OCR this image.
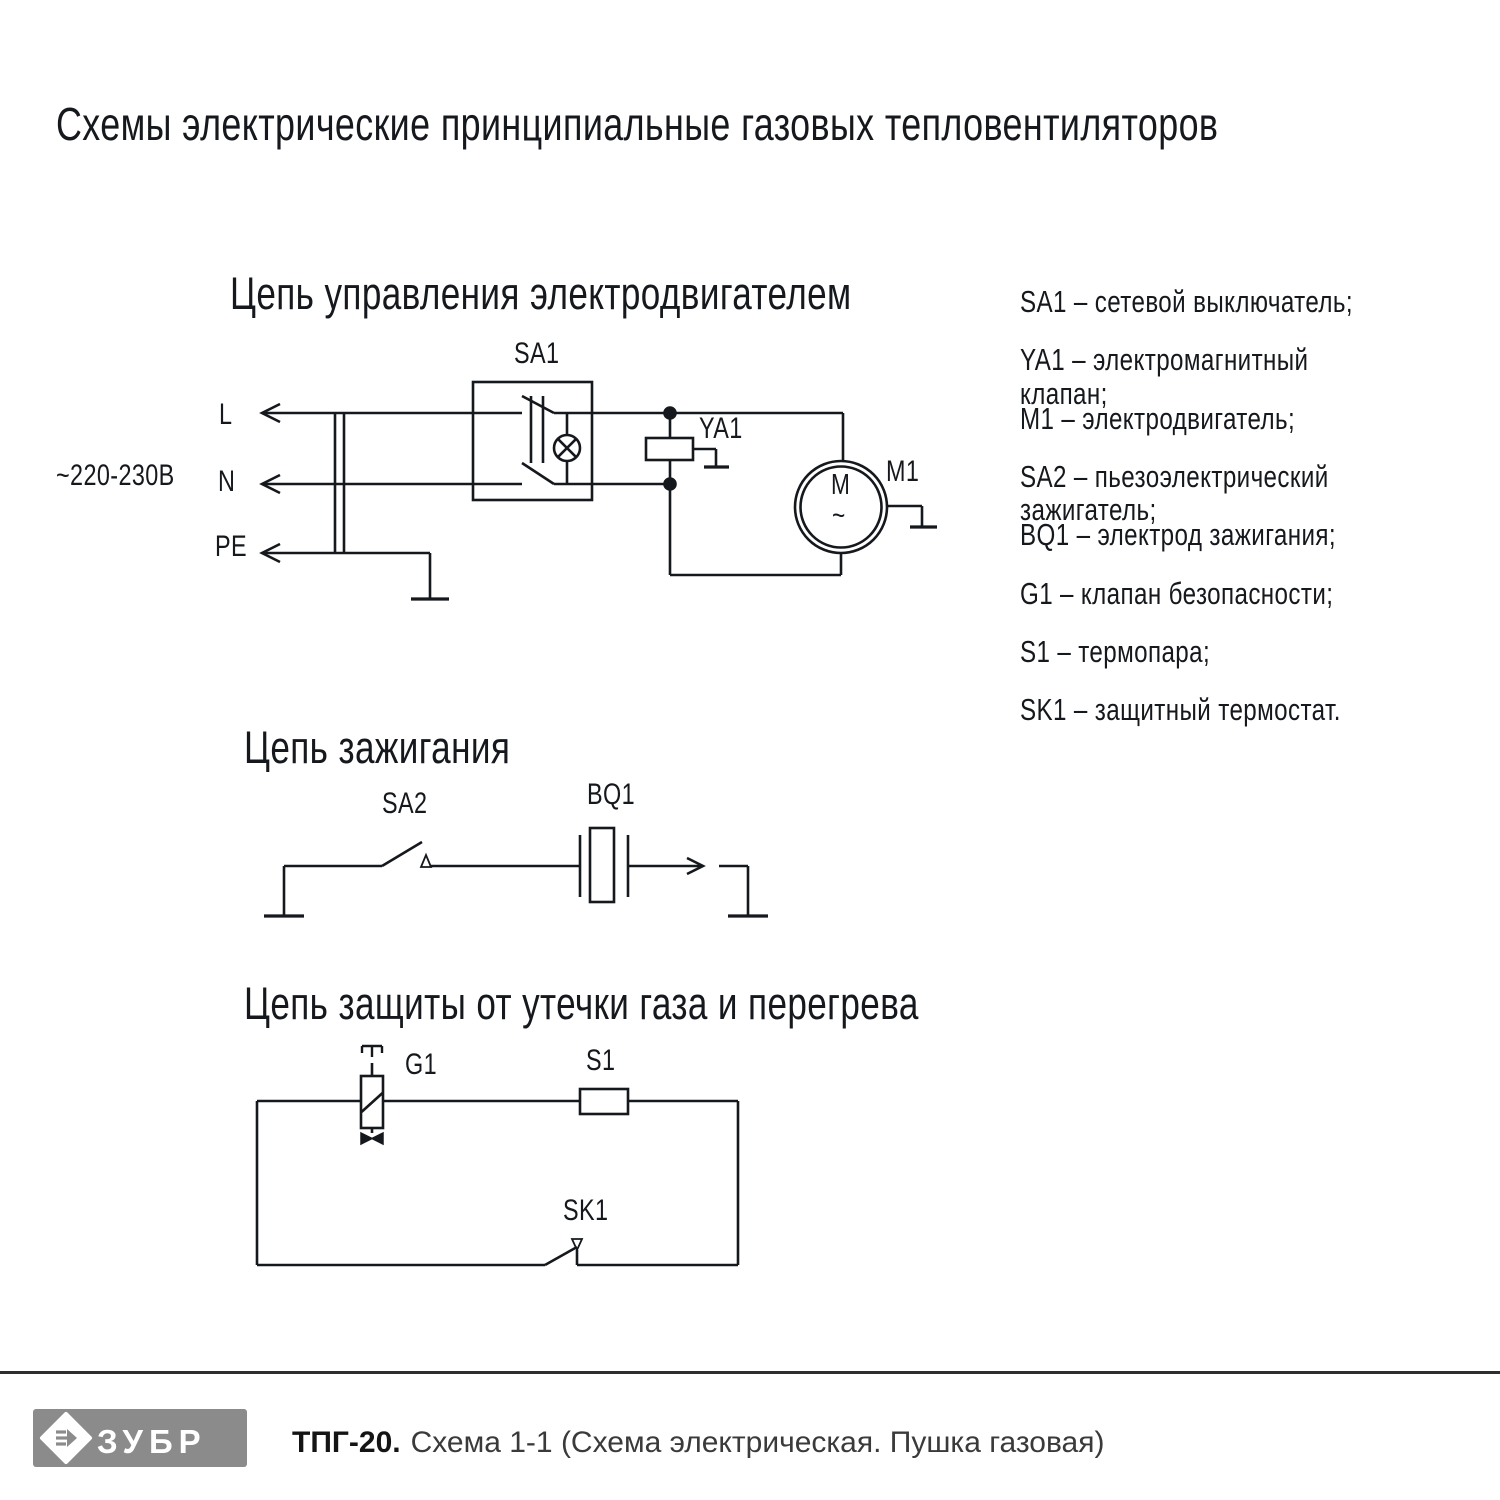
Схемы электрические принципиальные газовых тепловентиляторов
Цепь управления электродвигателем
Цепь зажигания
Цепь защиты от утечки газа и перегрева
~220-230В
L
N
PE
SA1
YA1
M1
M
~
SA2	BQ1
G1	S1
SK1
SA1 – сетевой выключатель;
YA1 – электромагнитный клапан;
M1 – электродвигатель;
SA2 – пьезоэлектрический зажигатель;
BQ1 – электрод зажигания;
G1 – клапан безопасности;
S1 – термопара;
SK1 – защитный термостат.
ЗУБР	ТПГ-20. Схема 1-1 (Схема электрическая. Пушка газовая)
